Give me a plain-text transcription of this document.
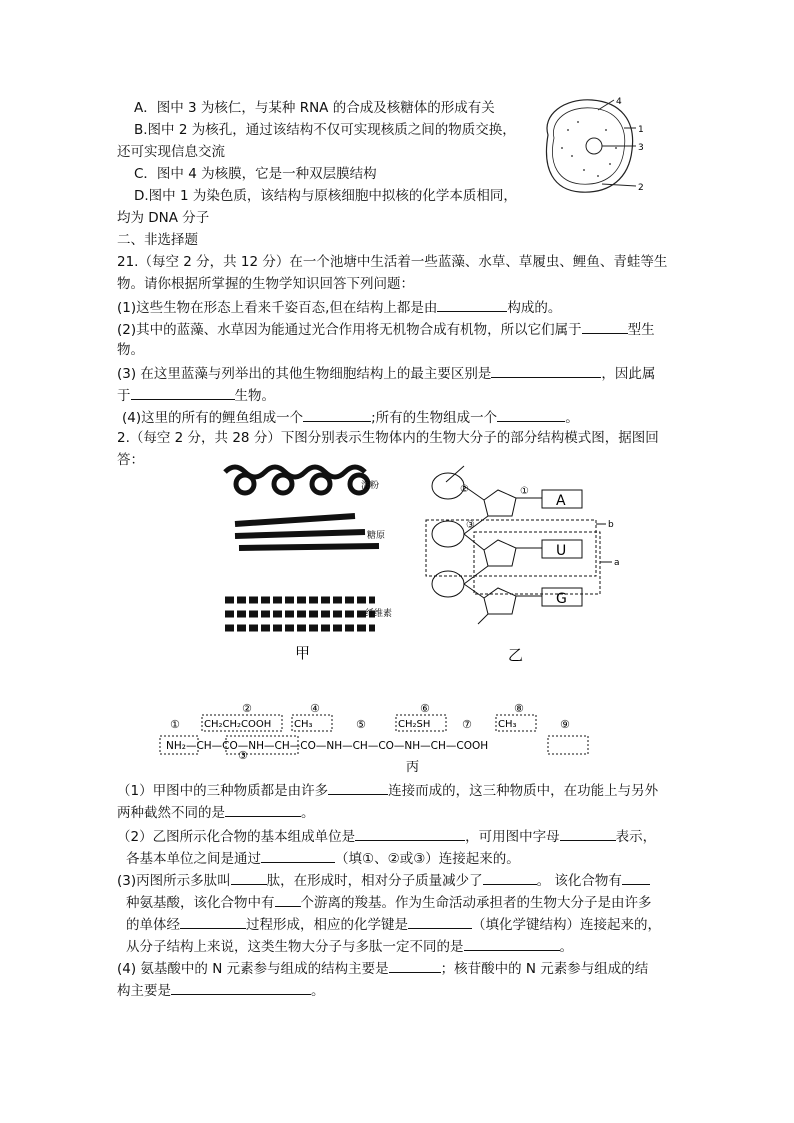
A．图中 3 为核仁，与某种 RNA 的合成及核糖体的形成有关
B.图中 2 为核孔，通过该结构不仅可实现核质之间的物质交换，
还可实现信息交流
C．图中 4 为核膜，它是一种双层膜结构
D.图中 1 为染色质，该结构与原核细胞中拟核的化学本质相同，
均为 DNA 分子
4
1
3
2
二、非选择题
21.（每空 2 分，共 12 分）在一个池塘中生活着一些蓝藻、水草、草履虫、鲤鱼、青蛙等生
物。请你根据所掌握的生物学知识回答下列问题：
(1)这些生物在形态上看来千姿百态,但在结构上都是由	构成的。
(2)其中的蓝藻、水草因为能通过光合作用将无机物合成有机物，所以它们属于	型生
物。
(3) 在这里蓝藻与列举出的其他生物细胞结构上的最主要区别是	，因此属
于	生物。
(4)这里的所有的鲤鱼组成一个	;所有的生物组成一个	。
2.（每空 2 分，共 28 分）下图分别表示生物体内的生物大分子的部分结构模式图，据图回
答：
淀粉
糖原
纤维素
甲
A
U
G
b
a
②	①
③
乙
①
②	④
⑤
⑥
⑦
⑧
⑨
③
CH₂CH₂COOH CH₃	CH₂SH	CH₃
NH₂—CH—CO—NH—CH—CO—NH—CH—CO—NH—CH—COOH
丙
（1）甲图中的三种物质都是由许多	连接而成的，这三种物质中，在功能上与另外
两种截然不同的是	。
（2）乙图所示化合物的基本组成单位是	，可用图中字母	表示，
各基本单位之间是通过	（填①、②或③）连接起来的。
(3)丙图所示多肽叫	肽，在形成时，相对分子质量减少了	。 该化合物有
种氨基酸，该化合物中有 个游离的羧基。作为生命活动承担者的生物大分子是由许多
的单体经	过程形成，相应的化学键是	（填化学键结构）连接起来的，
从分子结构上来说，这类生物大分子与多肽一定不同的是	。
(4) 氨基酸中的 N 元素参与组成的结构主要是	；核苷酸中的 N 元素参与组成的结
构主要是	。
